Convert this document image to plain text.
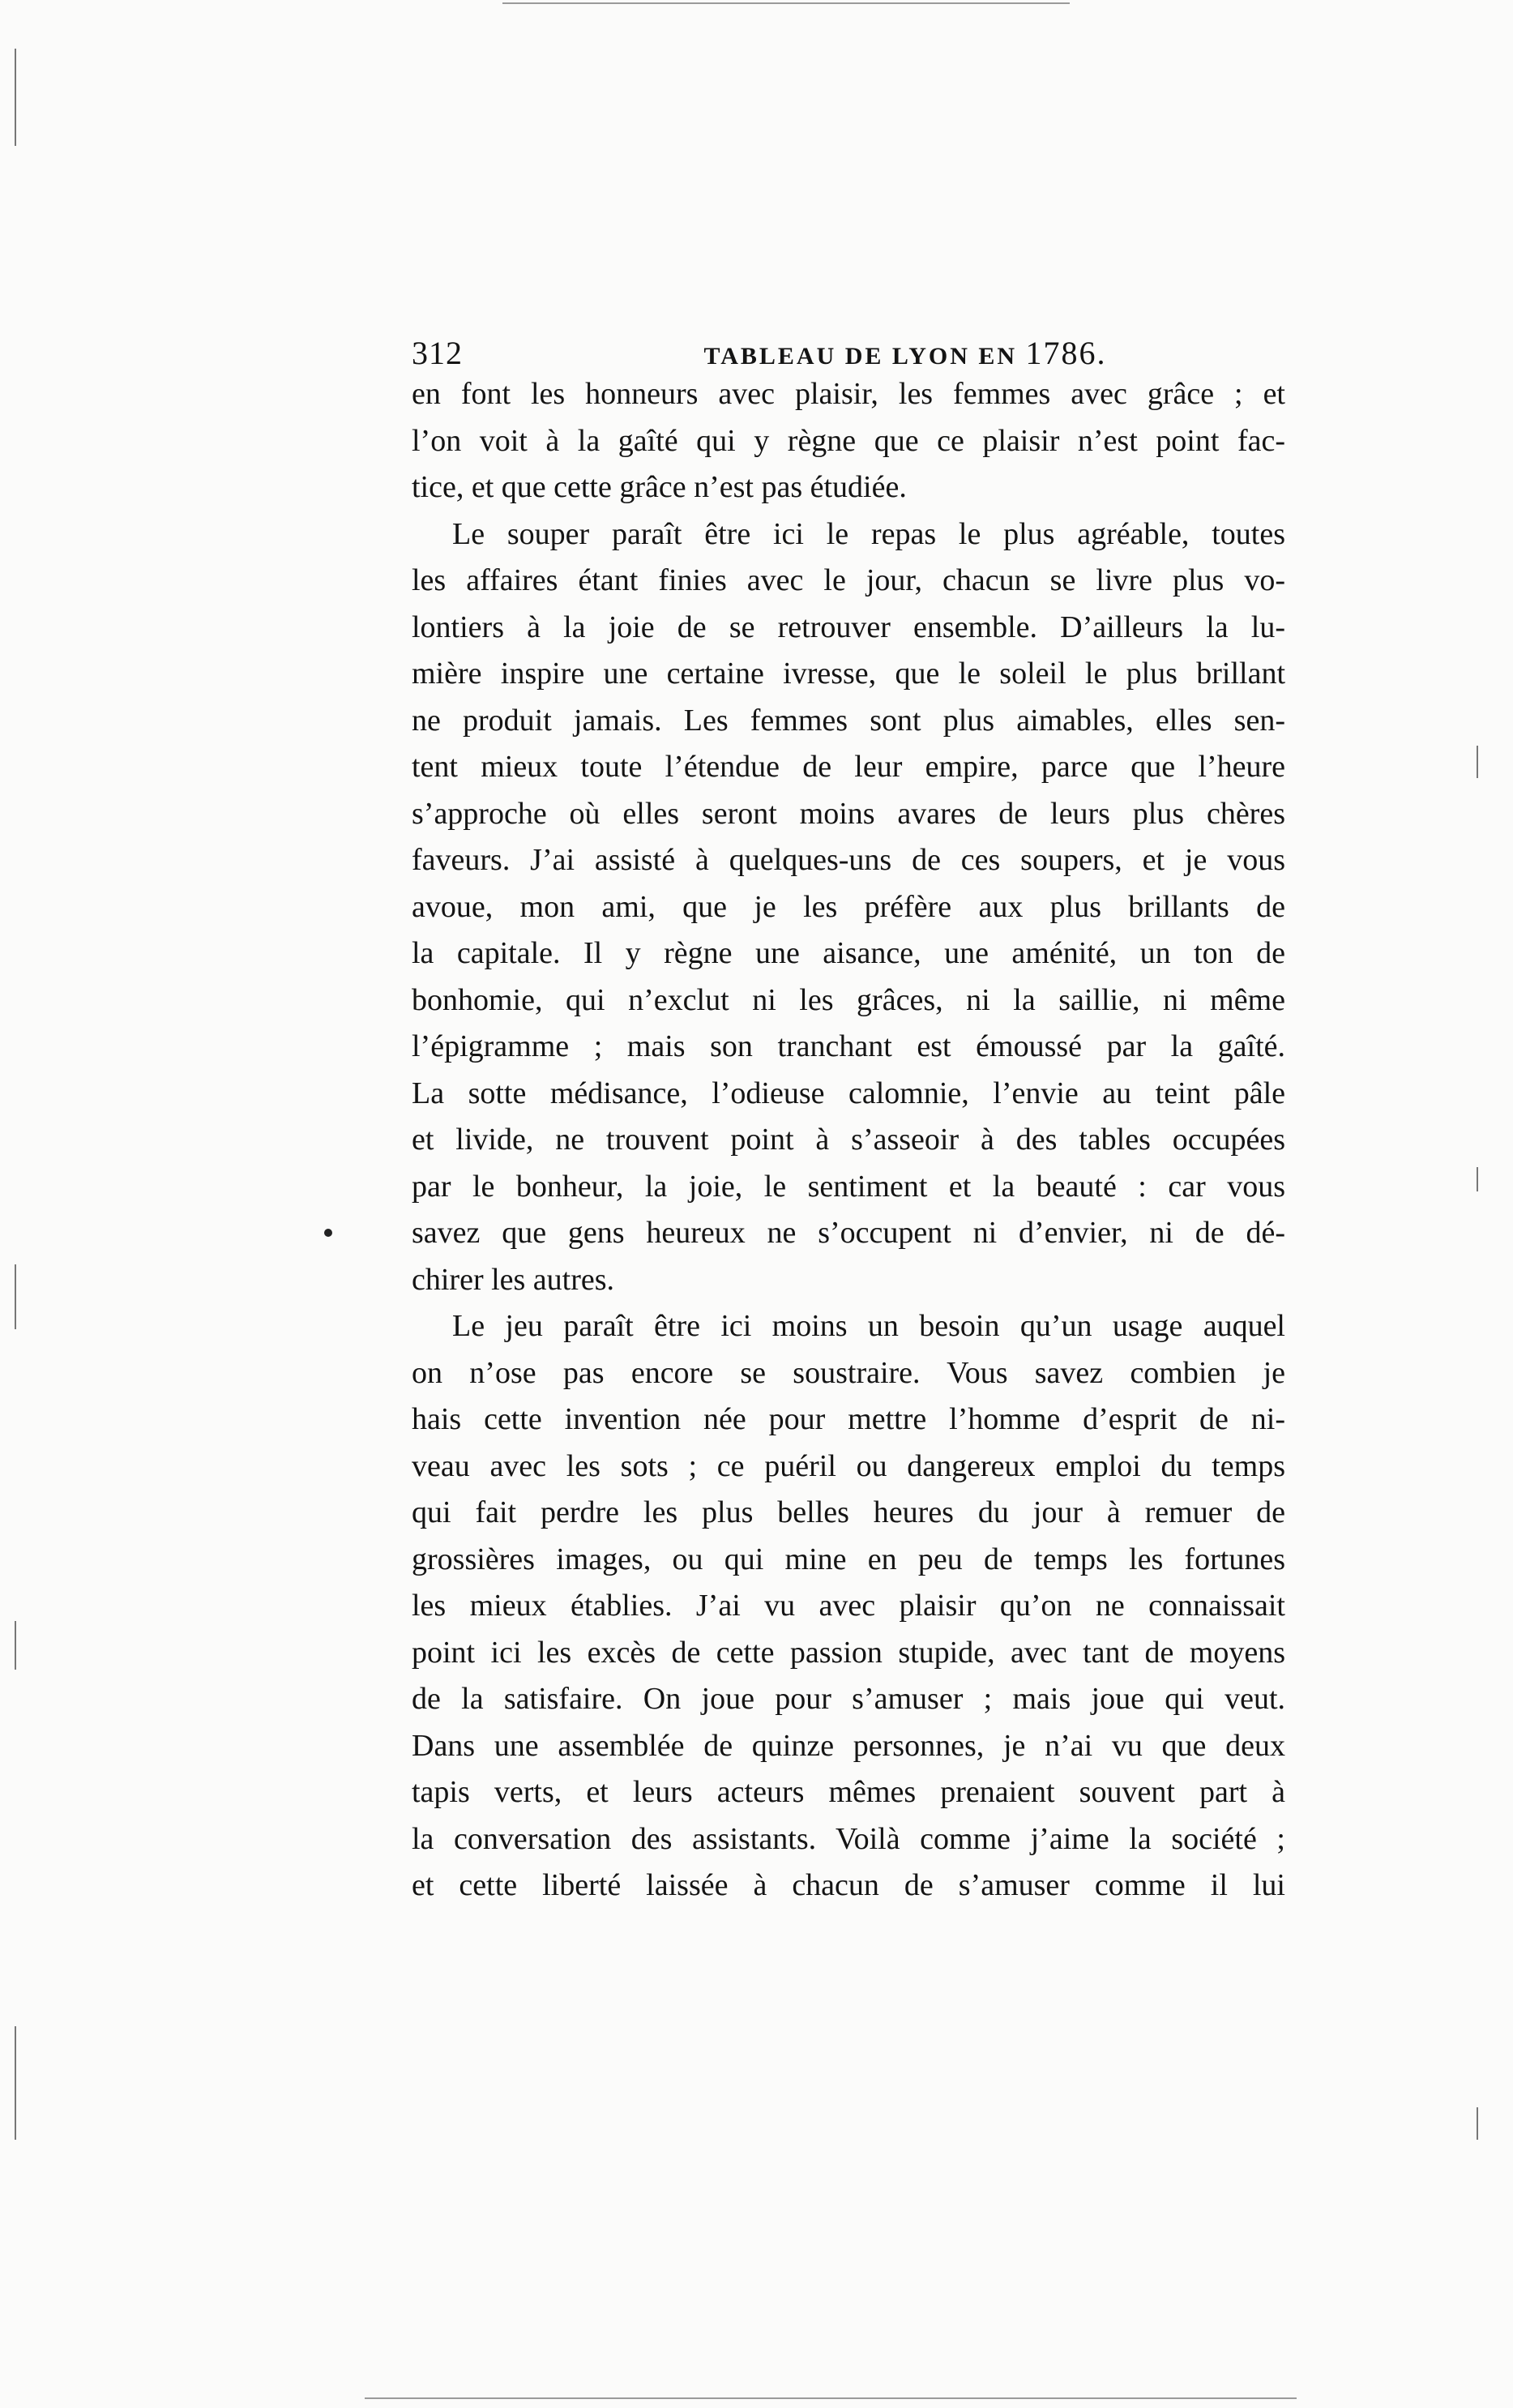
312	TABLEAU DE LYON EN 1786.
en font les honneurs avec plaisir, les femmes avec grâce ; et
l’on voit à la gaîté qui y règne que ce plaisir n’est point fac-
tice, et que cette grâce n’est pas étudiée.
Le souper paraît être ici le repas le plus agréable, toutes
les affaires étant finies avec le jour, chacun se livre plus vo-
lontiers à la joie de se retrouver ensemble. D’ailleurs la lu-
mière inspire une certaine ivresse, que le soleil le plus brillant
ne produit jamais. Les femmes sont plus aimables, elles sen-
tent mieux toute l’étendue de leur empire, parce que l’heure
s’approche où elles seront moins avares de leurs plus chères
faveurs. J’ai assisté à quelques-uns de ces soupers, et je vous
avoue, mon ami, que je les préfère aux plus brillants de
la capitale. Il y règne une aisance, une aménité, un ton de
bonhomie, qui n’exclut ni les grâces, ni la saillie, ni même
l’épigramme ; mais son tranchant est émoussé par la gaîté.
La sotte médisance, l’odieuse calomnie, l’envie au teint pâle
et livide, ne trouvent point à s’asseoir à des tables occupées
par le bonheur, la joie, le sentiment et la beauté : car vous
savez que gens heureux ne s’occupent ni d’envier, ni de dé-
chirer les autres.
Le jeu paraît être ici moins un besoin qu’un usage auquel
on n’ose pas encore se soustraire. Vous savez combien je
hais cette invention née pour mettre l’homme d’esprit de ni-
veau avec les sots ; ce puéril ou dangereux emploi du temps
qui fait perdre les plus belles heures du jour à remuer de
grossières images, ou qui mine en peu de temps les fortunes
les mieux établies. J’ai vu avec plaisir qu’on ne connaissait
point ici les excès de cette passion stupide, avec tant de moyens
de la satisfaire. On joue pour s’amuser ; mais joue qui veut.
Dans une assemblée de quinze personnes, je n’ai vu que deux
tapis verts, et leurs acteurs mêmes prenaient souvent part à
la conversation des assistants. Voilà comme j’aime la société ;
et cette liberté laissée à chacun de s’amuser comme il lui
